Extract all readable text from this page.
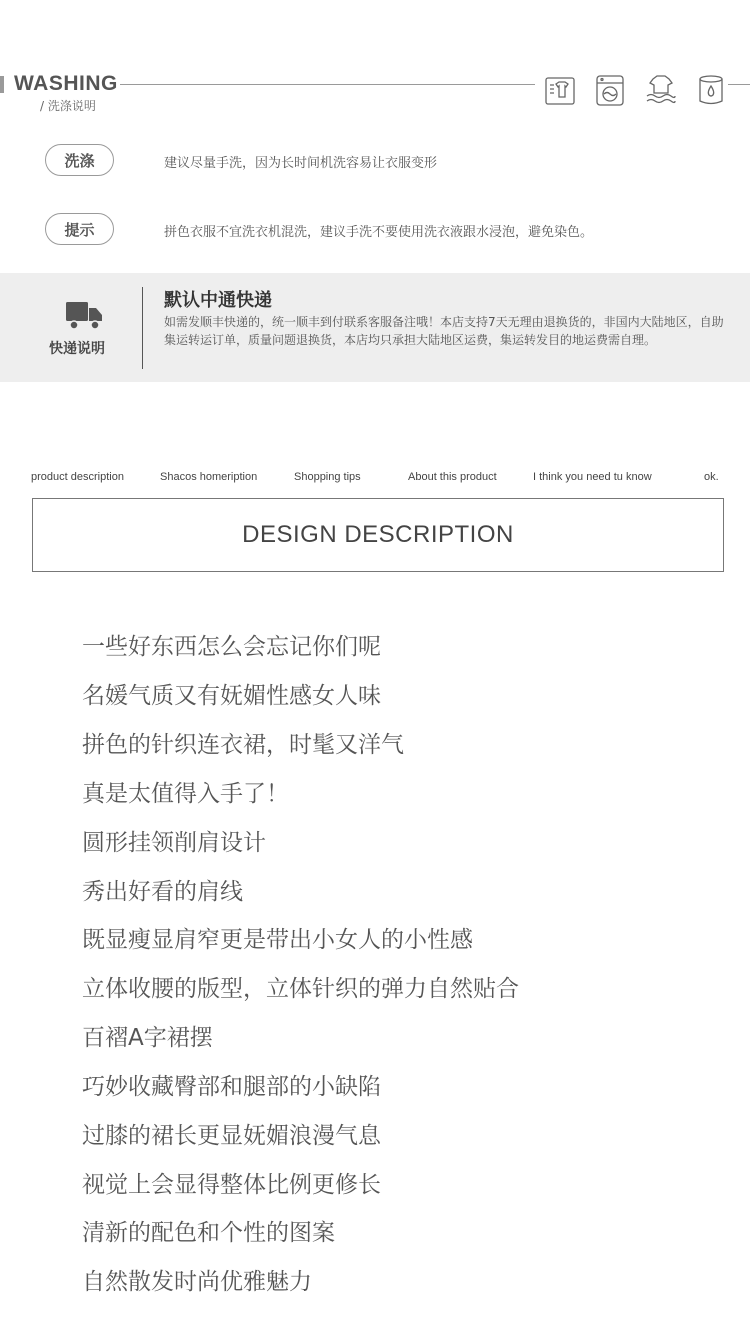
WASHING
/ 洗涤说明
洗涤	建议尽量手洗，因为长时间机洗容易让衣服变形
提示	拼色衣服不宜洗衣机混洗，建议手洗不要使用洗衣液跟水浸泡，避免染色。
快递说明
默认中通快递
如需发顺丰快递的，统一顺丰到付联系客服备注哦！本店支持7天无理由退换货的，非国内大陆地区，自助集运转运订单，质量问题退换货，本店均只承担大陆地区运费，集运转发目的地运费需自理。
product description	Shacos homeription	Shopping tips	About this product	I think you need tu know	ok.
DESIGN DESCRIPTION
一些好东西怎么会忘记你们呢
名媛气质又有妩媚性感女人味
拼色的针织连衣裙，时髦又洋气
真是太值得入手了！
圆形挂领削肩设计
秀出好看的肩线
既显瘦显肩窄更是带出小女人的小性感
立体收腰的版型，立体针织的弹力自然贴合
百褶A字裙摆
巧妙收藏臀部和腿部的小缺陷
过膝的裙长更显妩媚浪漫气息
视觉上会显得整体比例更修长
清新的配色和个性的图案
自然散发时尚优雅魅力
